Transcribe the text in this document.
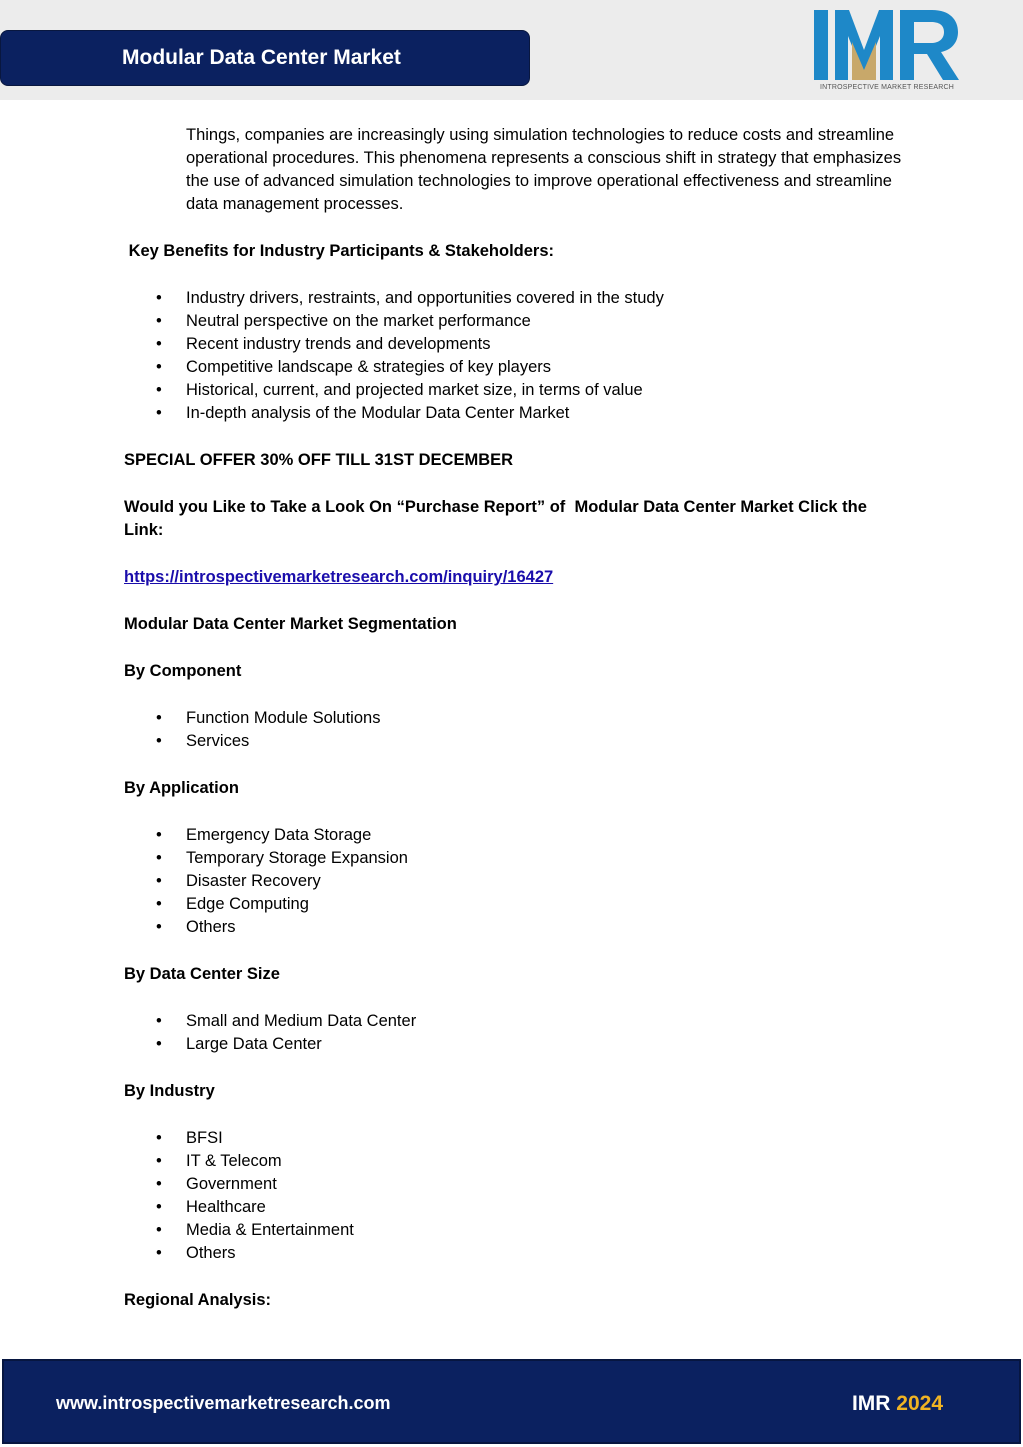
Modular Data Center Market
INTROSPECTIVE MARKET RESEARCH

Things, companies are increasingly using simulation technologies to reduce costs and streamline operational procedures. This phenomena represents a conscious shift in strategy that emphasizes the use of advanced simulation technologies to improve operational effectiveness and streamline data management processes.

Key Benefits for Industry Participants & Stakeholders:

• Industry drivers, restraints, and opportunities covered in the study
• Neutral perspective on the market performance
• Recent industry trends and developments
• Competitive landscape & strategies of key players
• Historical, current, and projected market size, in terms of value
• In-depth analysis of the Modular Data Center Market

SPECIAL OFFER 30% OFF TILL 31ST DECEMBER

Would you Like to Take a Look On “Purchase Report” of  Modular Data Center Market Click the Link:

https://introspectivemarketresearch.com/inquiry/16427

Modular Data Center Market Segmentation

By Component

• Function Module Solutions
• Services

By Application

• Emergency Data Storage
• Temporary Storage Expansion
• Disaster Recovery
• Edge Computing
• Others

By Data Center Size

• Small and Medium Data Center
• Large Data Center

By Industry

• BFSI
• IT & Telecom
• Government
• Healthcare
• Media & Entertainment
• Others

Regional Analysis:

www.introspectivemarketresearch.com	IMR 2024
